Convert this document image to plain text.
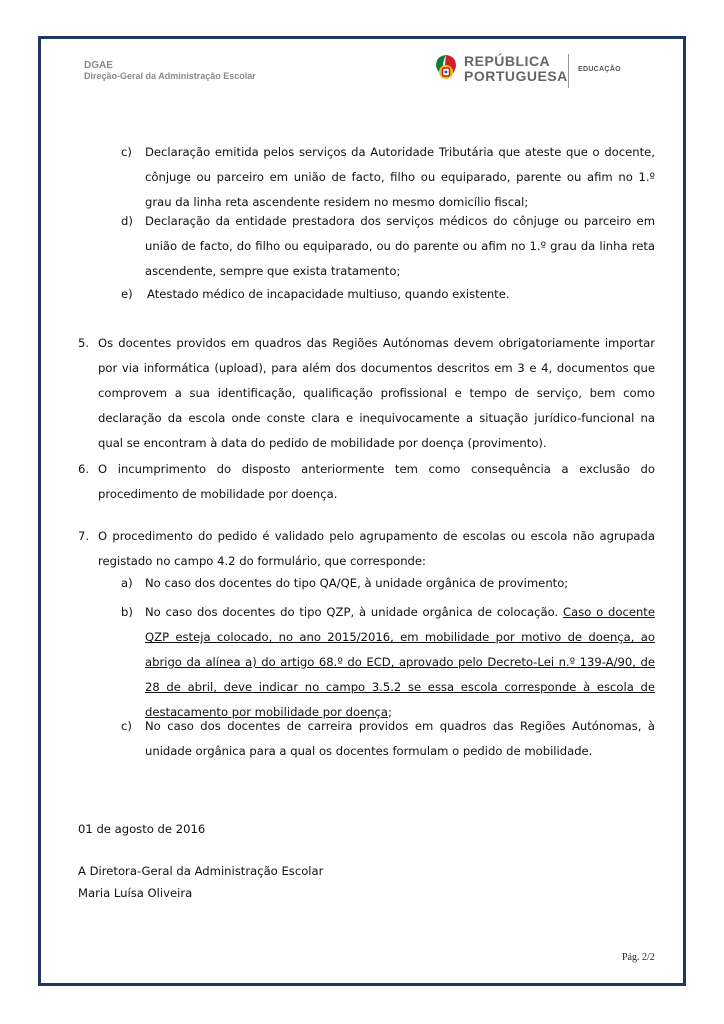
DGAE
Direção-Geral da Administração Escolar
REPÚBLICA
PORTUGUESA EDUCAÇÃO
c) Declaração emitida pelos serviços da Autoridade Tributária que ateste que o docente, cônjuge ou parceiro em união de facto, filho ou equiparado, parente ou afim no 1.º grau da linha reta ascendente residem no mesmo domicílio fiscal;
d) Declaração da entidade prestadora dos serviços médicos do cônjuge ou parceiro em união de facto, do filho ou equiparado, ou do parente ou afim no 1.º grau da linha reta ascendente, sempre que exista tratamento;
e) Atestado médico de incapacidade multiuso, quando existente.
5. Os docentes providos em quadros das Regiões Autónomas devem obrigatoriamente importar por via informática (upload), para além dos documentos descritos em 3 e 4, documentos que comprovem a sua identificação, qualificação profissional e tempo de serviço, bem como declaração da escola onde conste clara e inequivocamente a situação jurídico-funcional na qual se encontram à data do pedido de mobilidade por doença (provimento).
6. O incumprimento do disposto anteriormente tem como consequência a exclusão do procedimento de mobilidade por doença.
7. O procedimento do pedido é validado pelo agrupamento de escolas ou escola não agrupada registado no campo 4.2 do formulário, que corresponde:
a) No caso dos docentes do tipo QA/QE, à unidade orgânica de provimento;
b) No caso dos docentes do tipo QZP, à unidade orgânica de colocação. Caso o docente QZP esteja colocado, no ano 2015/2016, em mobilidade por motivo de doença, ao abrigo da alínea a) do artigo 68.º do ECD, aprovado pelo Decreto-Lei n.º 139-A/90, de 28 de abril, deve indicar no campo 3.5.2 se essa escola corresponde à escola de destacamento por mobilidade por doença;
c) No caso dos docentes de carreira providos em quadros das Regiões Autónomas, à unidade orgânica para a qual os docentes formulam o pedido de mobilidade.
01 de agosto de 2016
A Diretora-Geral da Administração Escolar
Maria Luísa Oliveira
Pág. 2/2
